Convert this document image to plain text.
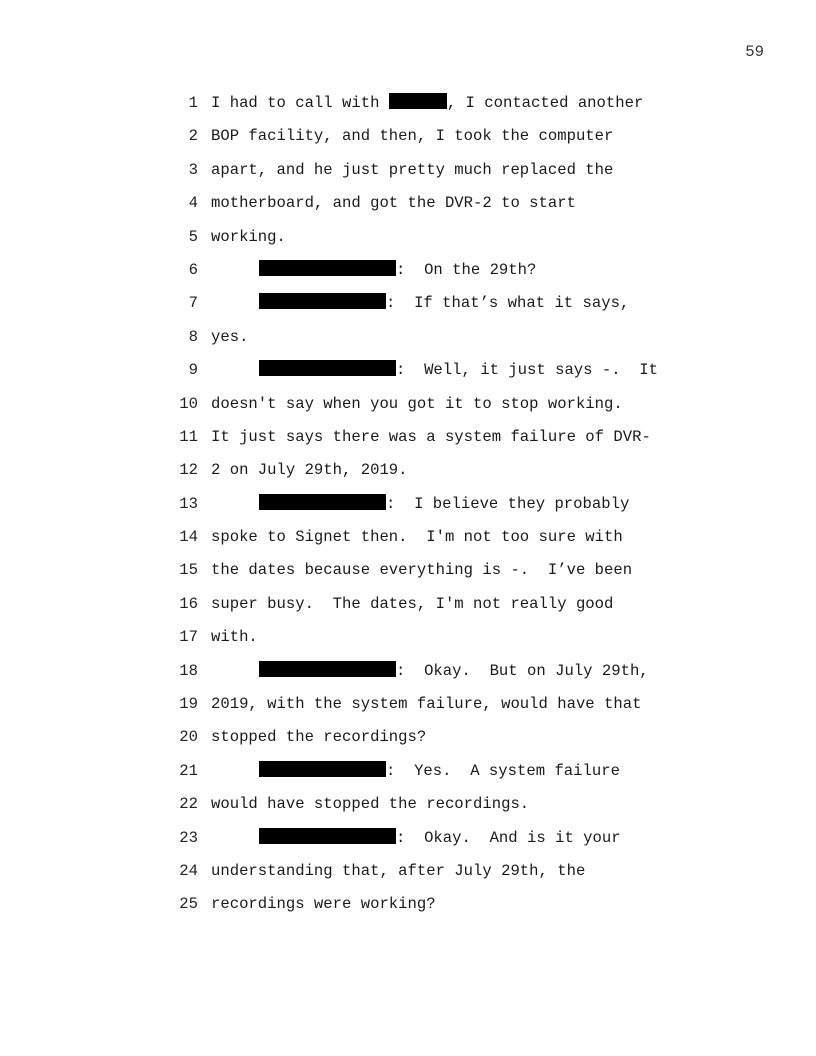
59
1 I had to call with	, I contacted another
2 BOP facility, and then, I took the computer
3 apart, and he just pretty much replaced the
4 motherboard, and got the DVR-2 to start
5 working.
6	:  On the 29th?
7	:  If that’s what it says,
8 yes.
9	:  Well, it just says -.  It
10 doesn't say when you got it to stop working.
11 It just says there was a system failure of DVR-
12 2 on July 29th, 2019.
13	:  I believe they probably
14 spoke to Signet then.  I'm not too sure with
15 the dates because everything is -.  I’ve been
16 super busy.  The dates, I'm not really good
17 with.
18	:  Okay.  But on July 29th,
19 2019, with the system failure, would have that
20 stopped the recordings?
21	:  Yes.  A system failure
22 would have stopped the recordings.
23	:  Okay.  And is it your
24 understanding that, after July 29th, the
25 recordings were working?
